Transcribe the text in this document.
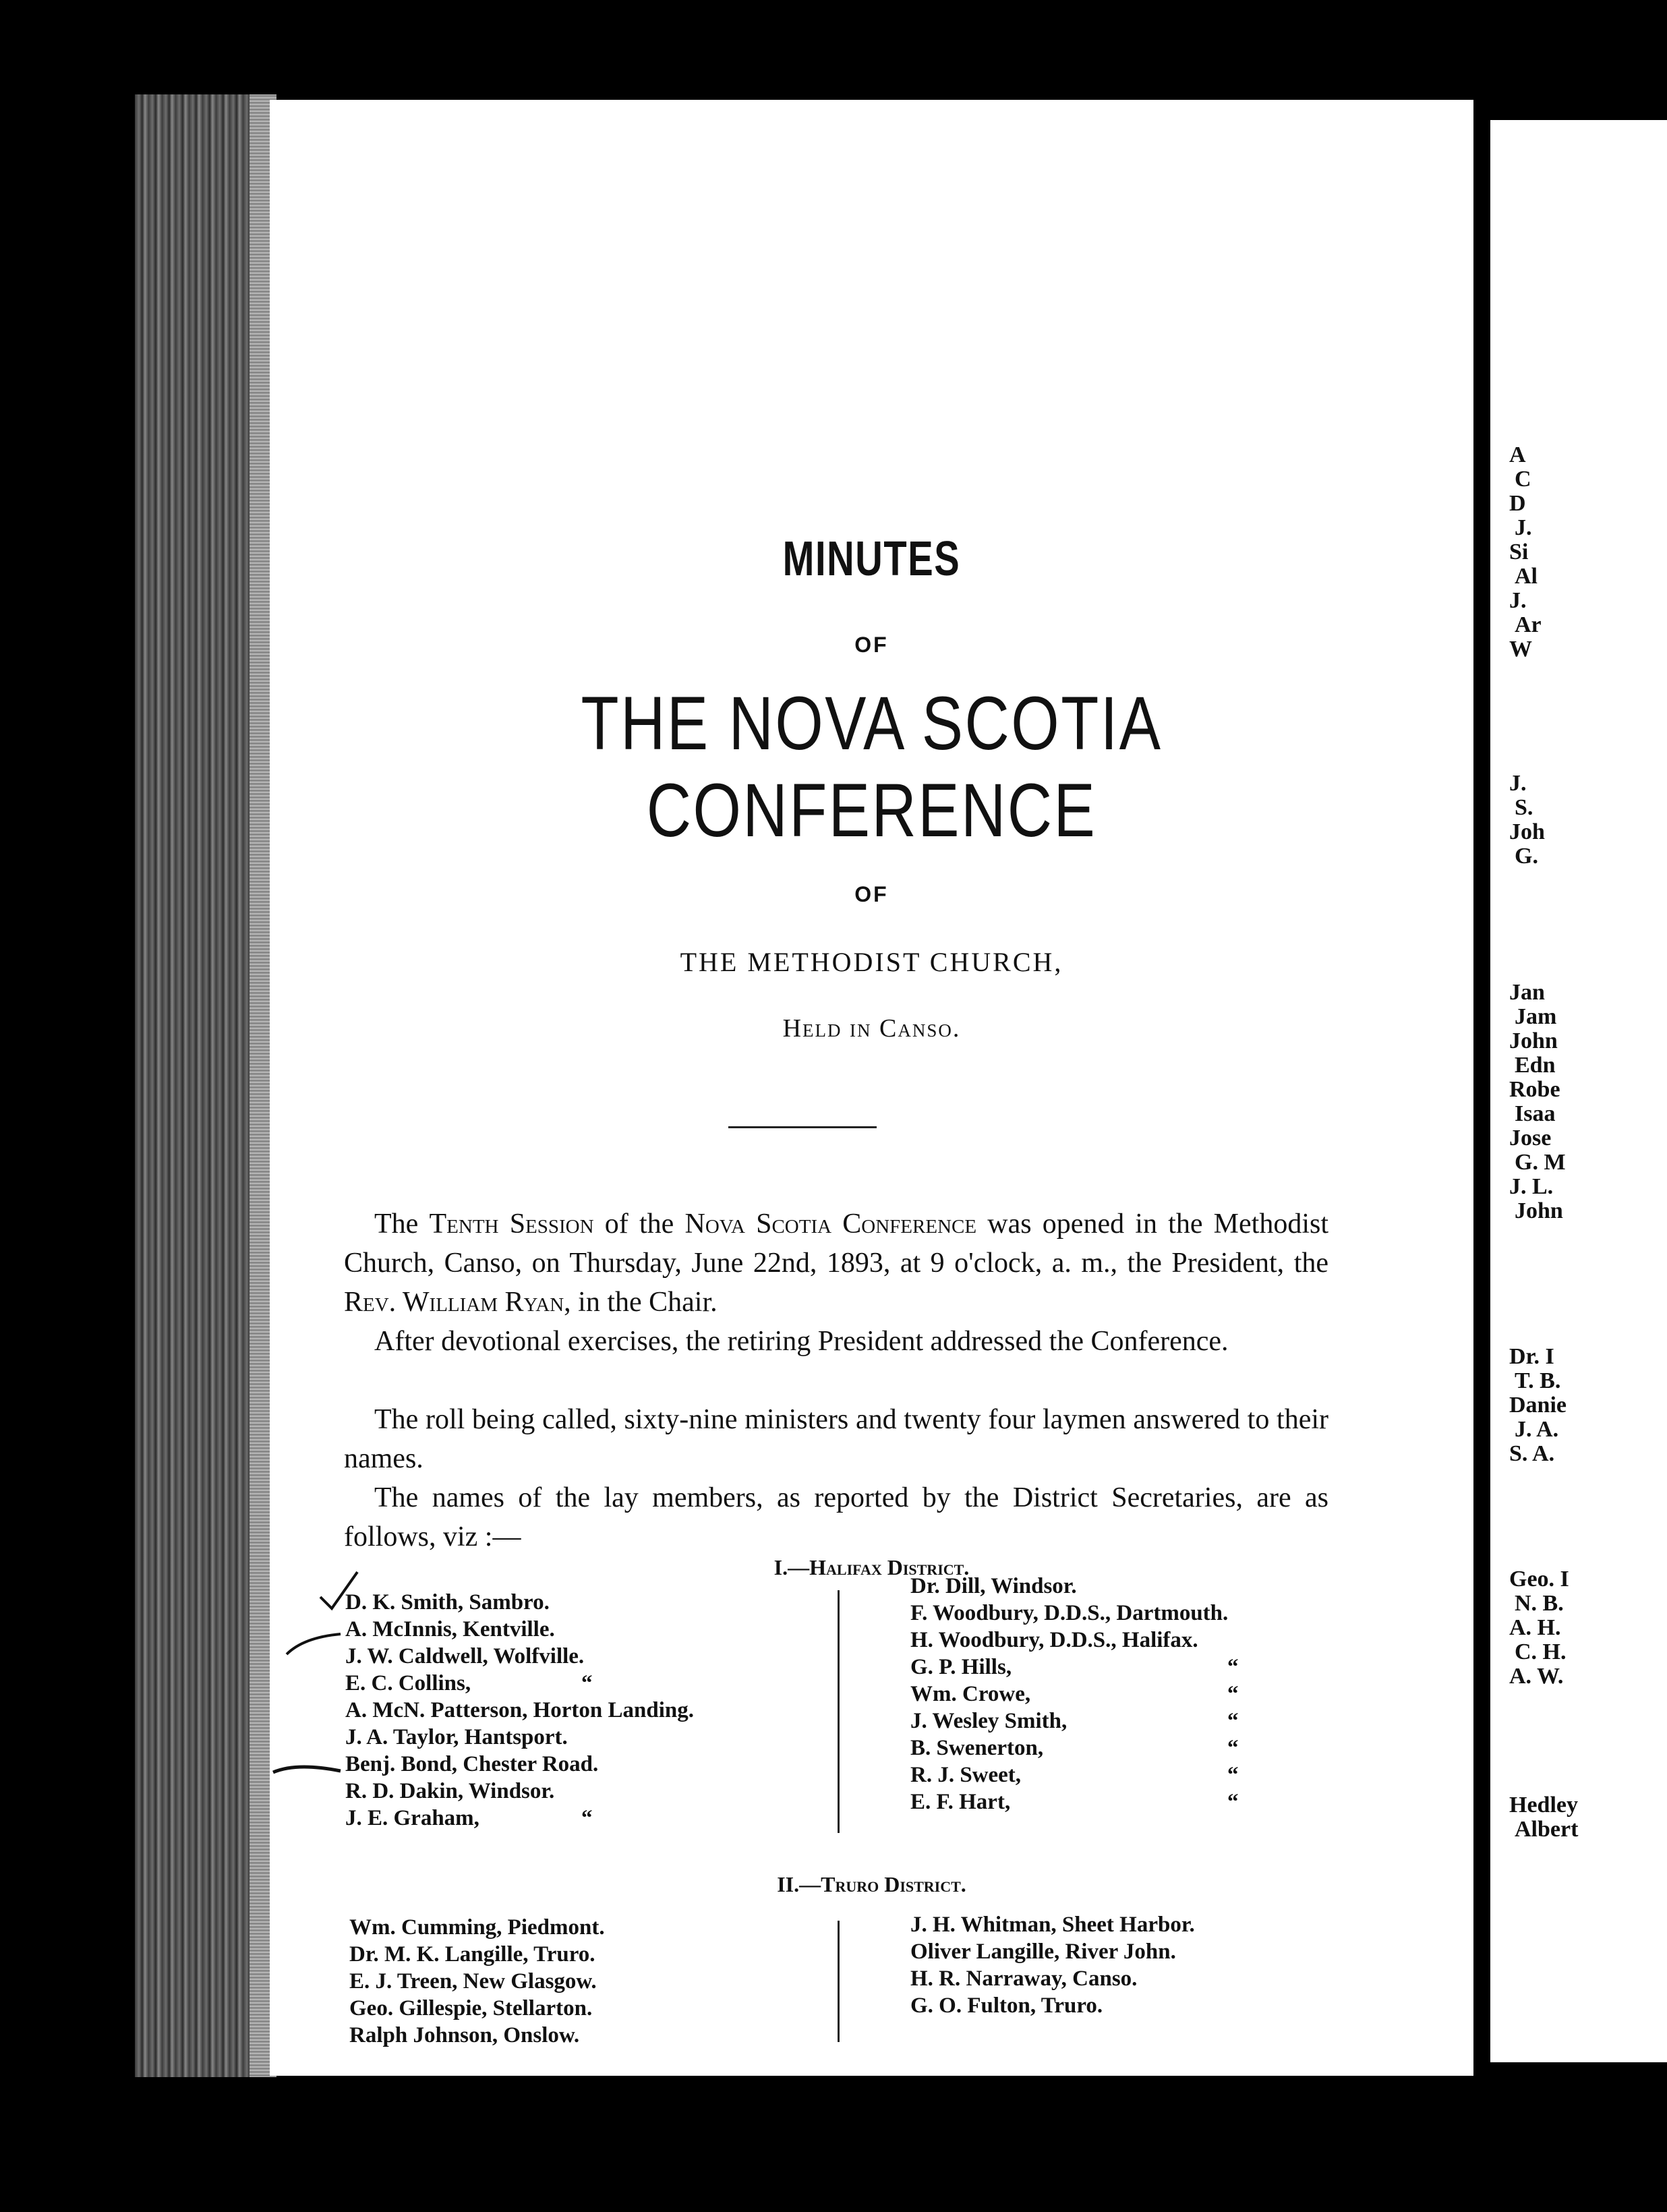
MINUTES
OF
THE NOVA SCOTIA CONFERENCE
OF
THE METHODIST CHURCH,
Held in Canso.
The Tenth Session of the Nova Scotia Conference was opened in the Methodist Church, Canso, on Thursday, June 22nd, 1893, at 9 o'clock, a. m., the President, the Rev. William Ryan, in the Chair.
After devotional exercises, the retiring President addressed the Conference.
The roll being called, sixty-nine ministers and twenty four laymen answered to their names.
The names of the lay members, as reported by the District Secretaries, are as follows, viz :—
I.—Halifax District.
D. K. Smith, Sambro.
A. McInnis, Kentville.
J. W. Caldwell, Wolfville.
E. C. Collins,	“
A. McN. Patterson, Horton Landing.
J. A. Taylor, Hantsport.
Benj. Bond, Chester Road.
R. D. Dakin, Windsor.
J. E. Graham,	“
Dr. Dill, Windsor.
F. Woodbury, D.D.S., Dartmouth.
H. Woodbury, D.D.S., Halifax.
G. P. Hills,	“
Wm. Crowe,	“
J. Wesley Smith,	“
B. Swenerton,	“
R. J. Sweet,	“
E. F. Hart,	“
II.—Truro District.
Wm. Cumming, Piedmont.
Dr. M. K. Langille, Truro.
E. J. Treen, New Glasgow.
Geo. Gillespie, Stellarton.
Ralph Johnson, Onslow.
J. H. Whitman, Sheet Harbor.
Oliver Langille, River John.
H. R. Narraway, Canso.
G. O. Fulton, Truro.
A
C
D
J.
Si
Al
J.
Ar
W
J.
S.
Joh
G.
Jan
Jam
John
Edn
Robe
Isaa
Jose
G. M
J. L.
John
Dr. I
T. B.
Danie
J. A.
S. A.
Geo. I
N. B.
A. H.
C. H.
A. W.
Hedley
Albert
